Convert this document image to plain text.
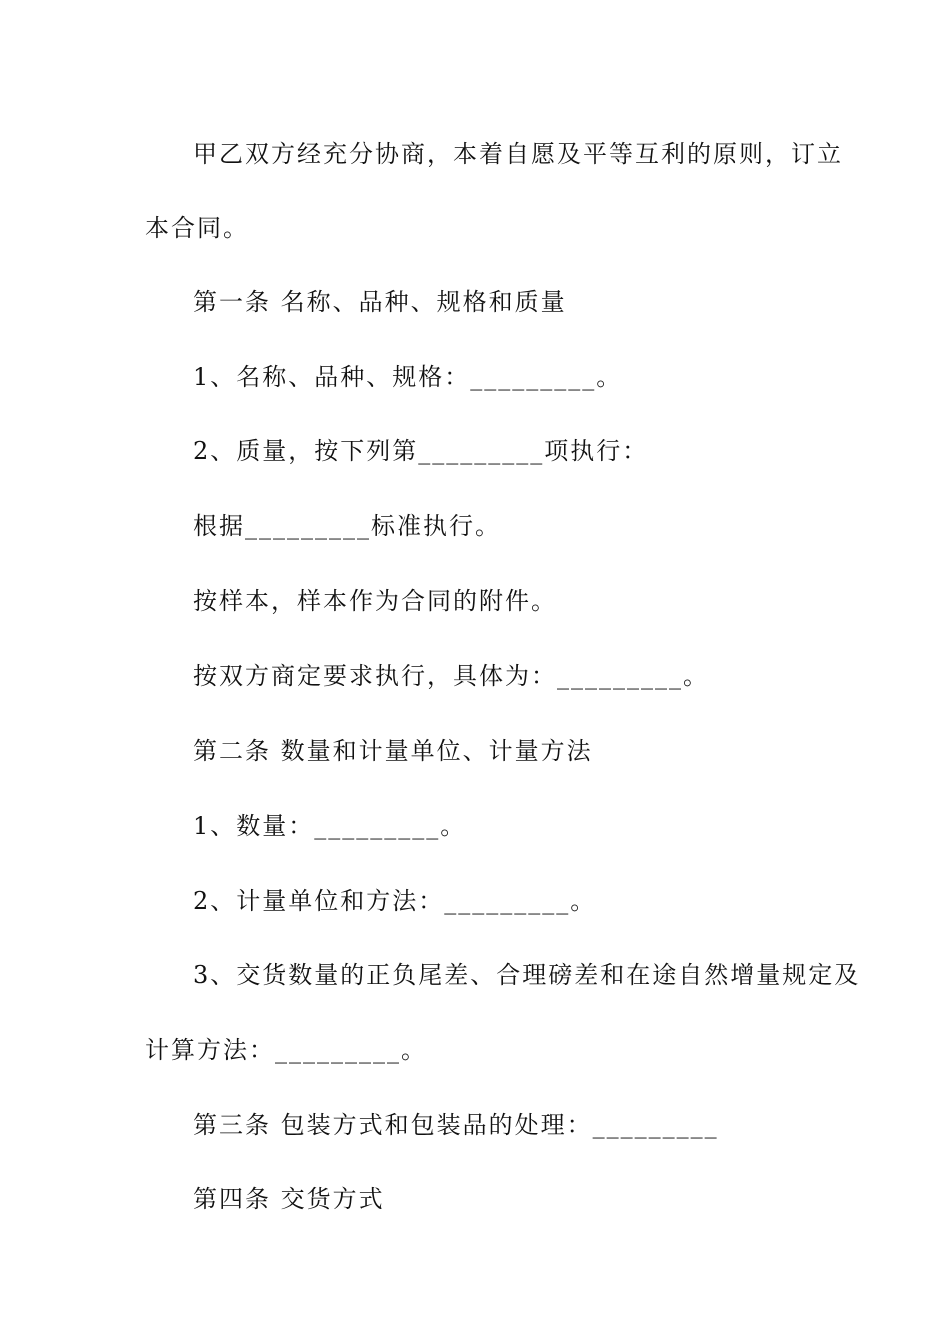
甲乙双方经充分协商，本着自愿及平等互利的原则，订立
本合同。
第一条 名称、品种、规格和质量
1、名称、品种、规格：_________。
2、质量，按下列第_________项执行：
根据_________标准执行。
按样本，样本作为合同的附件。
按双方商定要求执行，具体为：_________。
第二条 数量和计量单位、计量方法
1、数量：_________。
2、计量单位和方法：_________。
3、交货数量的正负尾差、合理磅差和在途自然增量规定及
计算方法：_________。
第三条 包装方式和包装品的处理：_________
第四条 交货方式
